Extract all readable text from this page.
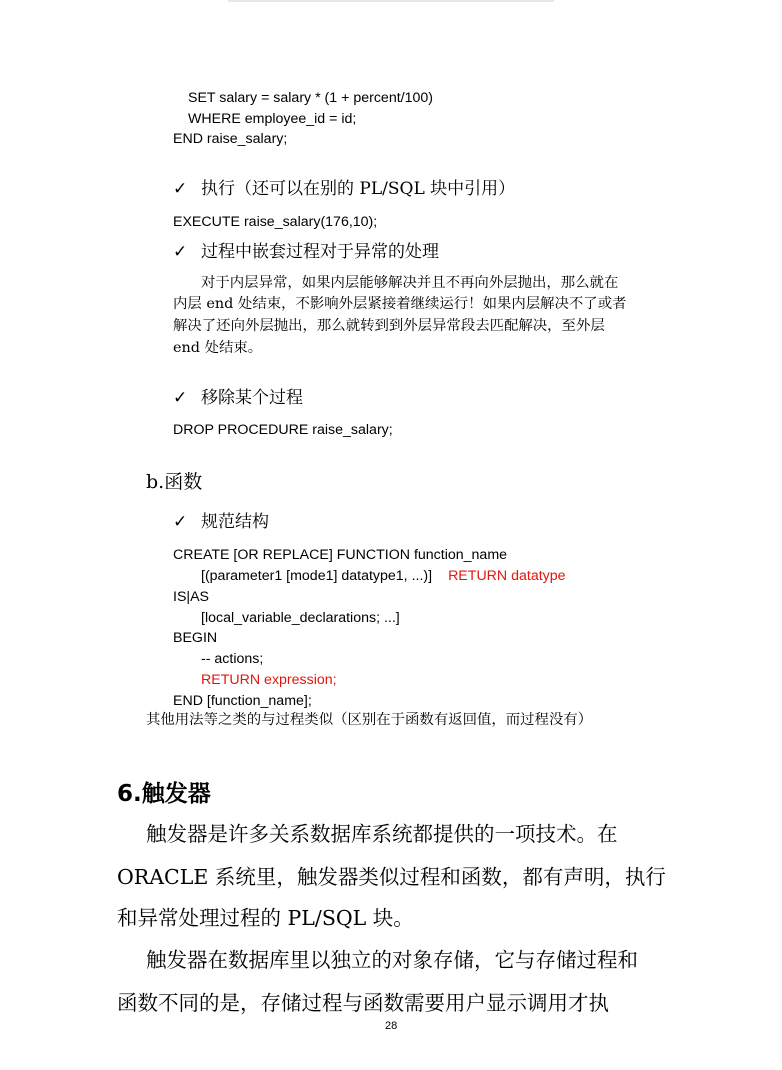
SET salary = salary * (1 + percent/100)
WHERE employee_id = id;
END raise_salary;
✓ 执行（还可以在别的 PL/SQL 块中引用）
EXECUTE raise_salary(176,10);
✓ 过程中嵌套过程对于异常的处理
对于内层异常，如果内层能够解决并且不再向外层抛出，那么就在
内层 end 处结束，不影响外层紧接着继续运行！如果内层解决不了或者
解决了还向外层抛出，那么就转到到外层异常段去匹配解决，至外层
end 处结束。
✓ 移除某个过程
DROP PROCEDURE raise_salary;
b.函数
✓ 规范结构
CREATE [OR REPLACE] FUNCTION function_name
[(parameter1 [mode1] datatype1, ...)] RETURN datatype
IS|AS
[local_variable_declarations; ...]
BEGIN
-- actions;
RETURN expression;
END [function_name];
其他用法等之类的与过程类似（区别在于函数有返回值，而过程没有）
6.触发器
触发器是许多关系数据库系统都提供的一项技术。在
ORACLE 系统里，触发器类似过程和函数，都有声明，执行
和异常处理过程的 PL/SQL 块。
触发器在数据库里以独立的对象存储，它与存储过程和
函数不同的是，存储过程与函数需要用户显示调用才执
28
